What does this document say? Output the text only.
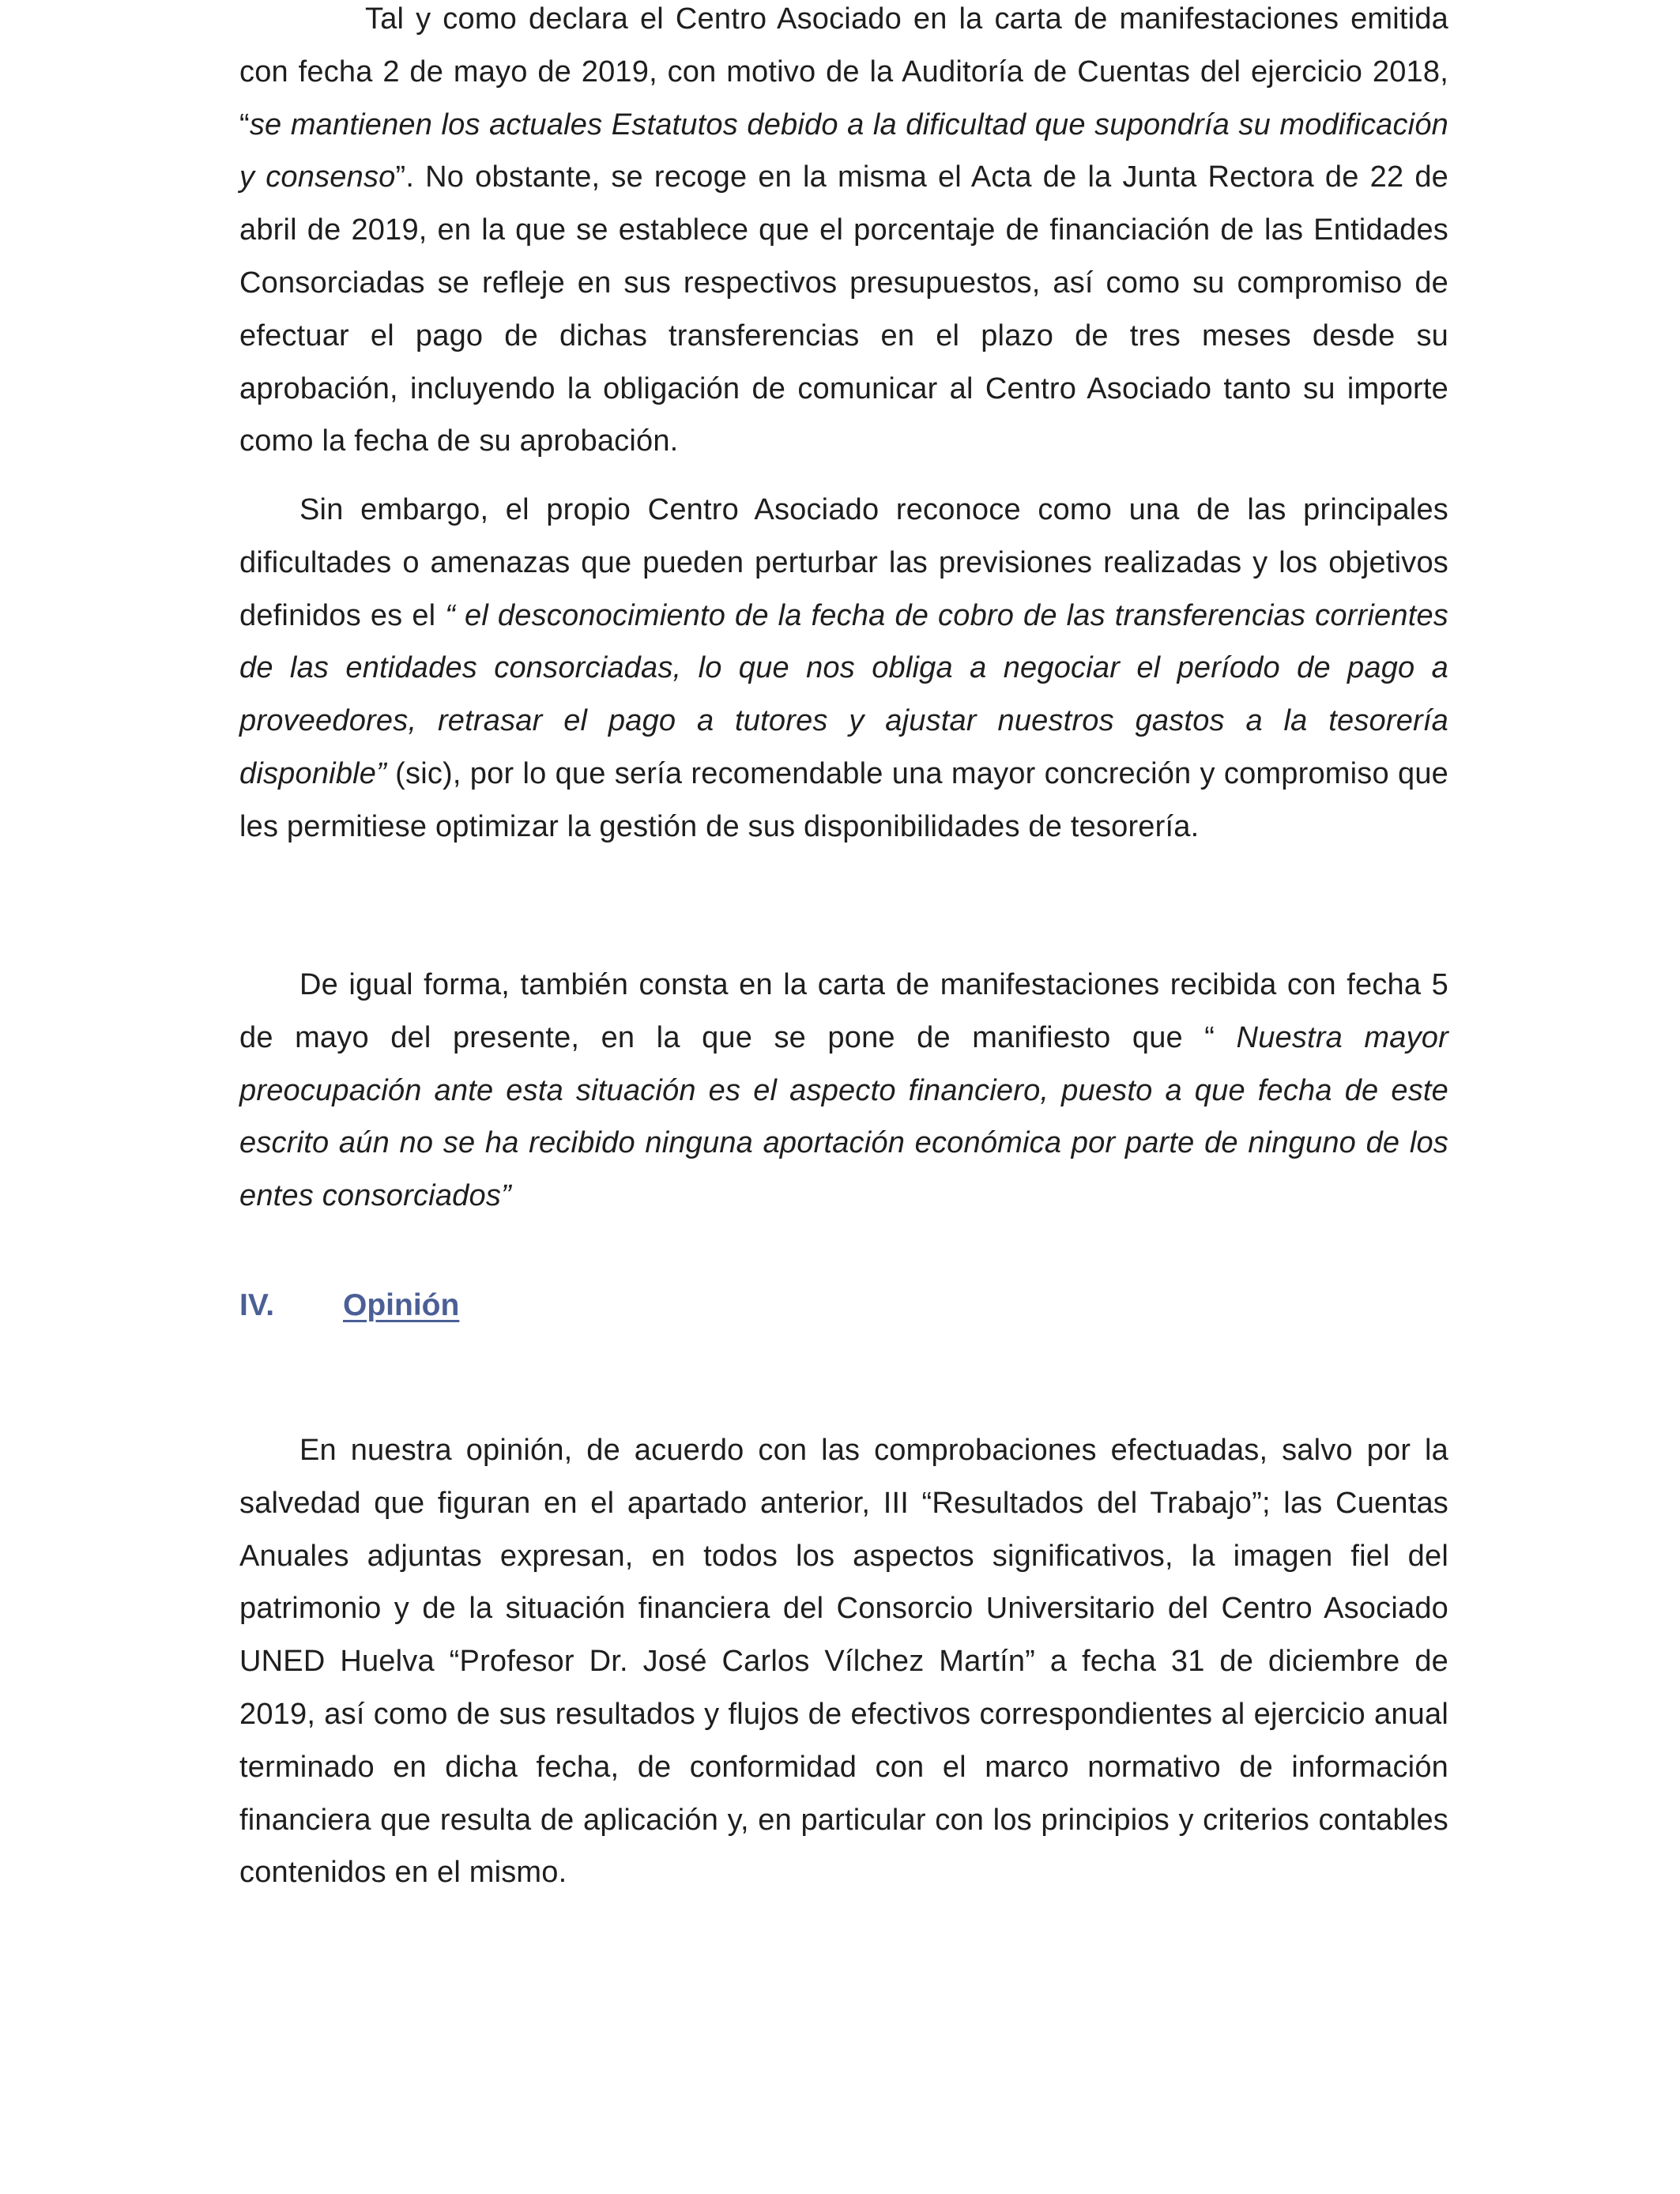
Tal y como declara el Centro Asociado en la carta de manifestaciones emitida con fecha 2 de mayo de 2019, con motivo de la Auditoría de Cuentas del ejercicio 2018, “se mantienen los actuales Estatutos debido a la dificultad que supondría su modificación y consenso”. No obstante, se recoge en la misma el Acta de la Junta Rectora de 22 de abril de 2019, en la que se establece que el porcentaje de financiación de las Entidades Consorciadas se refleje en sus respectivos presupuestos, así como su compromiso de efectuar el pago de dichas transferencias en el plazo de tres meses desde su aprobación, incluyendo la obligación de comunicar al Centro Asociado tanto su importe como la fecha de su aprobación.

Sin embargo, el propio Centro Asociado reconoce como una de las principales dificultades o amenazas que pueden perturbar las previsiones realizadas y los objetivos definidos es el “ el desconocimiento de la fecha de cobro de las transferencias corrientes de las entidades consorciadas, lo que nos obliga a negociar el período de pago a proveedores, retrasar el pago a tutores y ajustar nuestros gastos a la tesorería disponible” (sic), por lo que sería recomendable una mayor concreción y compromiso que les permitiese optimizar la gestión de sus disponibilidades de tesorería.

De igual forma, también consta en la carta de manifestaciones recibida con fecha 5 de mayo del presente, en la que se pone de manifiesto que “ Nuestra mayor preocupación ante esta situación es el aspecto financiero, puesto a que fecha de este escrito aún no se ha recibido ninguna aportación económica por parte de ninguno de los entes consorciados”

IV. Opinión

En nuestra opinión, de acuerdo con las comprobaciones efectuadas, salvo por la salvedad que figuran en el apartado anterior, III “Resultados del Trabajo”; las Cuentas Anuales adjuntas expresan, en todos los aspectos significativos, la imagen fiel del patrimonio y de la situación financiera del Consorcio Universitario del Centro Asociado UNED Huelva “Profesor Dr. José Carlos Vílchez Martín” a fecha 31 de diciembre de 2019, así como de sus resultados y flujos de efectivos correspondientes al ejercicio anual terminado en dicha fecha, de conformidad con el marco normativo de información financiera que resulta de aplicación y, en particular con los principios y criterios contables contenidos en el mismo.
